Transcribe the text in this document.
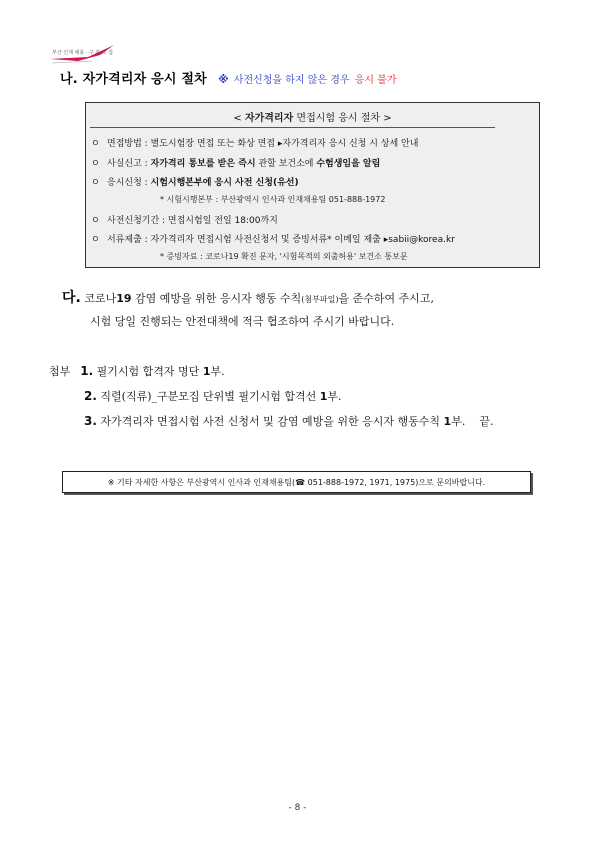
부산 인재 채용 · 구 분 모 집
나. 자가격리자 응시 절차 ※ 사전신청을 하지 않은 경우 응시 불가
< 자가격리자 면접시험 응시 절차 >
ㅇ 면접방법 : 별도시험장 면접 또는 화상 면접 ▸자가격리자 응시 신청 시 상세 안내
ㅇ 사실신고 : 자가격리 통보를 받은 즉시 관할 보건소에 수험생임을 알림
ㅇ 응시신청 : 시험시행본부에 응시 사전 신청(유선)
* 시험시행본부 : 부산광역시 인사과 인재채용팀 051-888-1972
ㅇ 사전신청기간 : 면접시험일 전일 18:00까지
ㅇ 서류제출 : 자가격리자 면접시험 사전신청서 및 증빙서류* 이메일 제출 ▸sabii@korea.kr
* 증빙자료 : 코로나19 확진 문자, '시험목적의 외출허용' 보건소 통보문
다. 코로나19 감염 예방을 위한 응시자 행동 수칙(첨부파일)을 준수하여 주시고,
시험 당일 진행되는 안전대책에 적극 협조하여 주시기 바랍니다.
첨부 1. 필기시험 합격자 명단 1부.
2. 직렬(직류)_구분모집 단위별 필기시험 합격선 1부.
3. 자가격리자 면접시험 사전 신청서 및 감염 예방을 위한 응시자 행동수칙 1부. 끝.
※ 기타 자세한 사항은 부산광역시 인사과 인재채용팀(☎ 051-888-1972, 1971, 1975)으로 문의바랍니다.
- 8 -
